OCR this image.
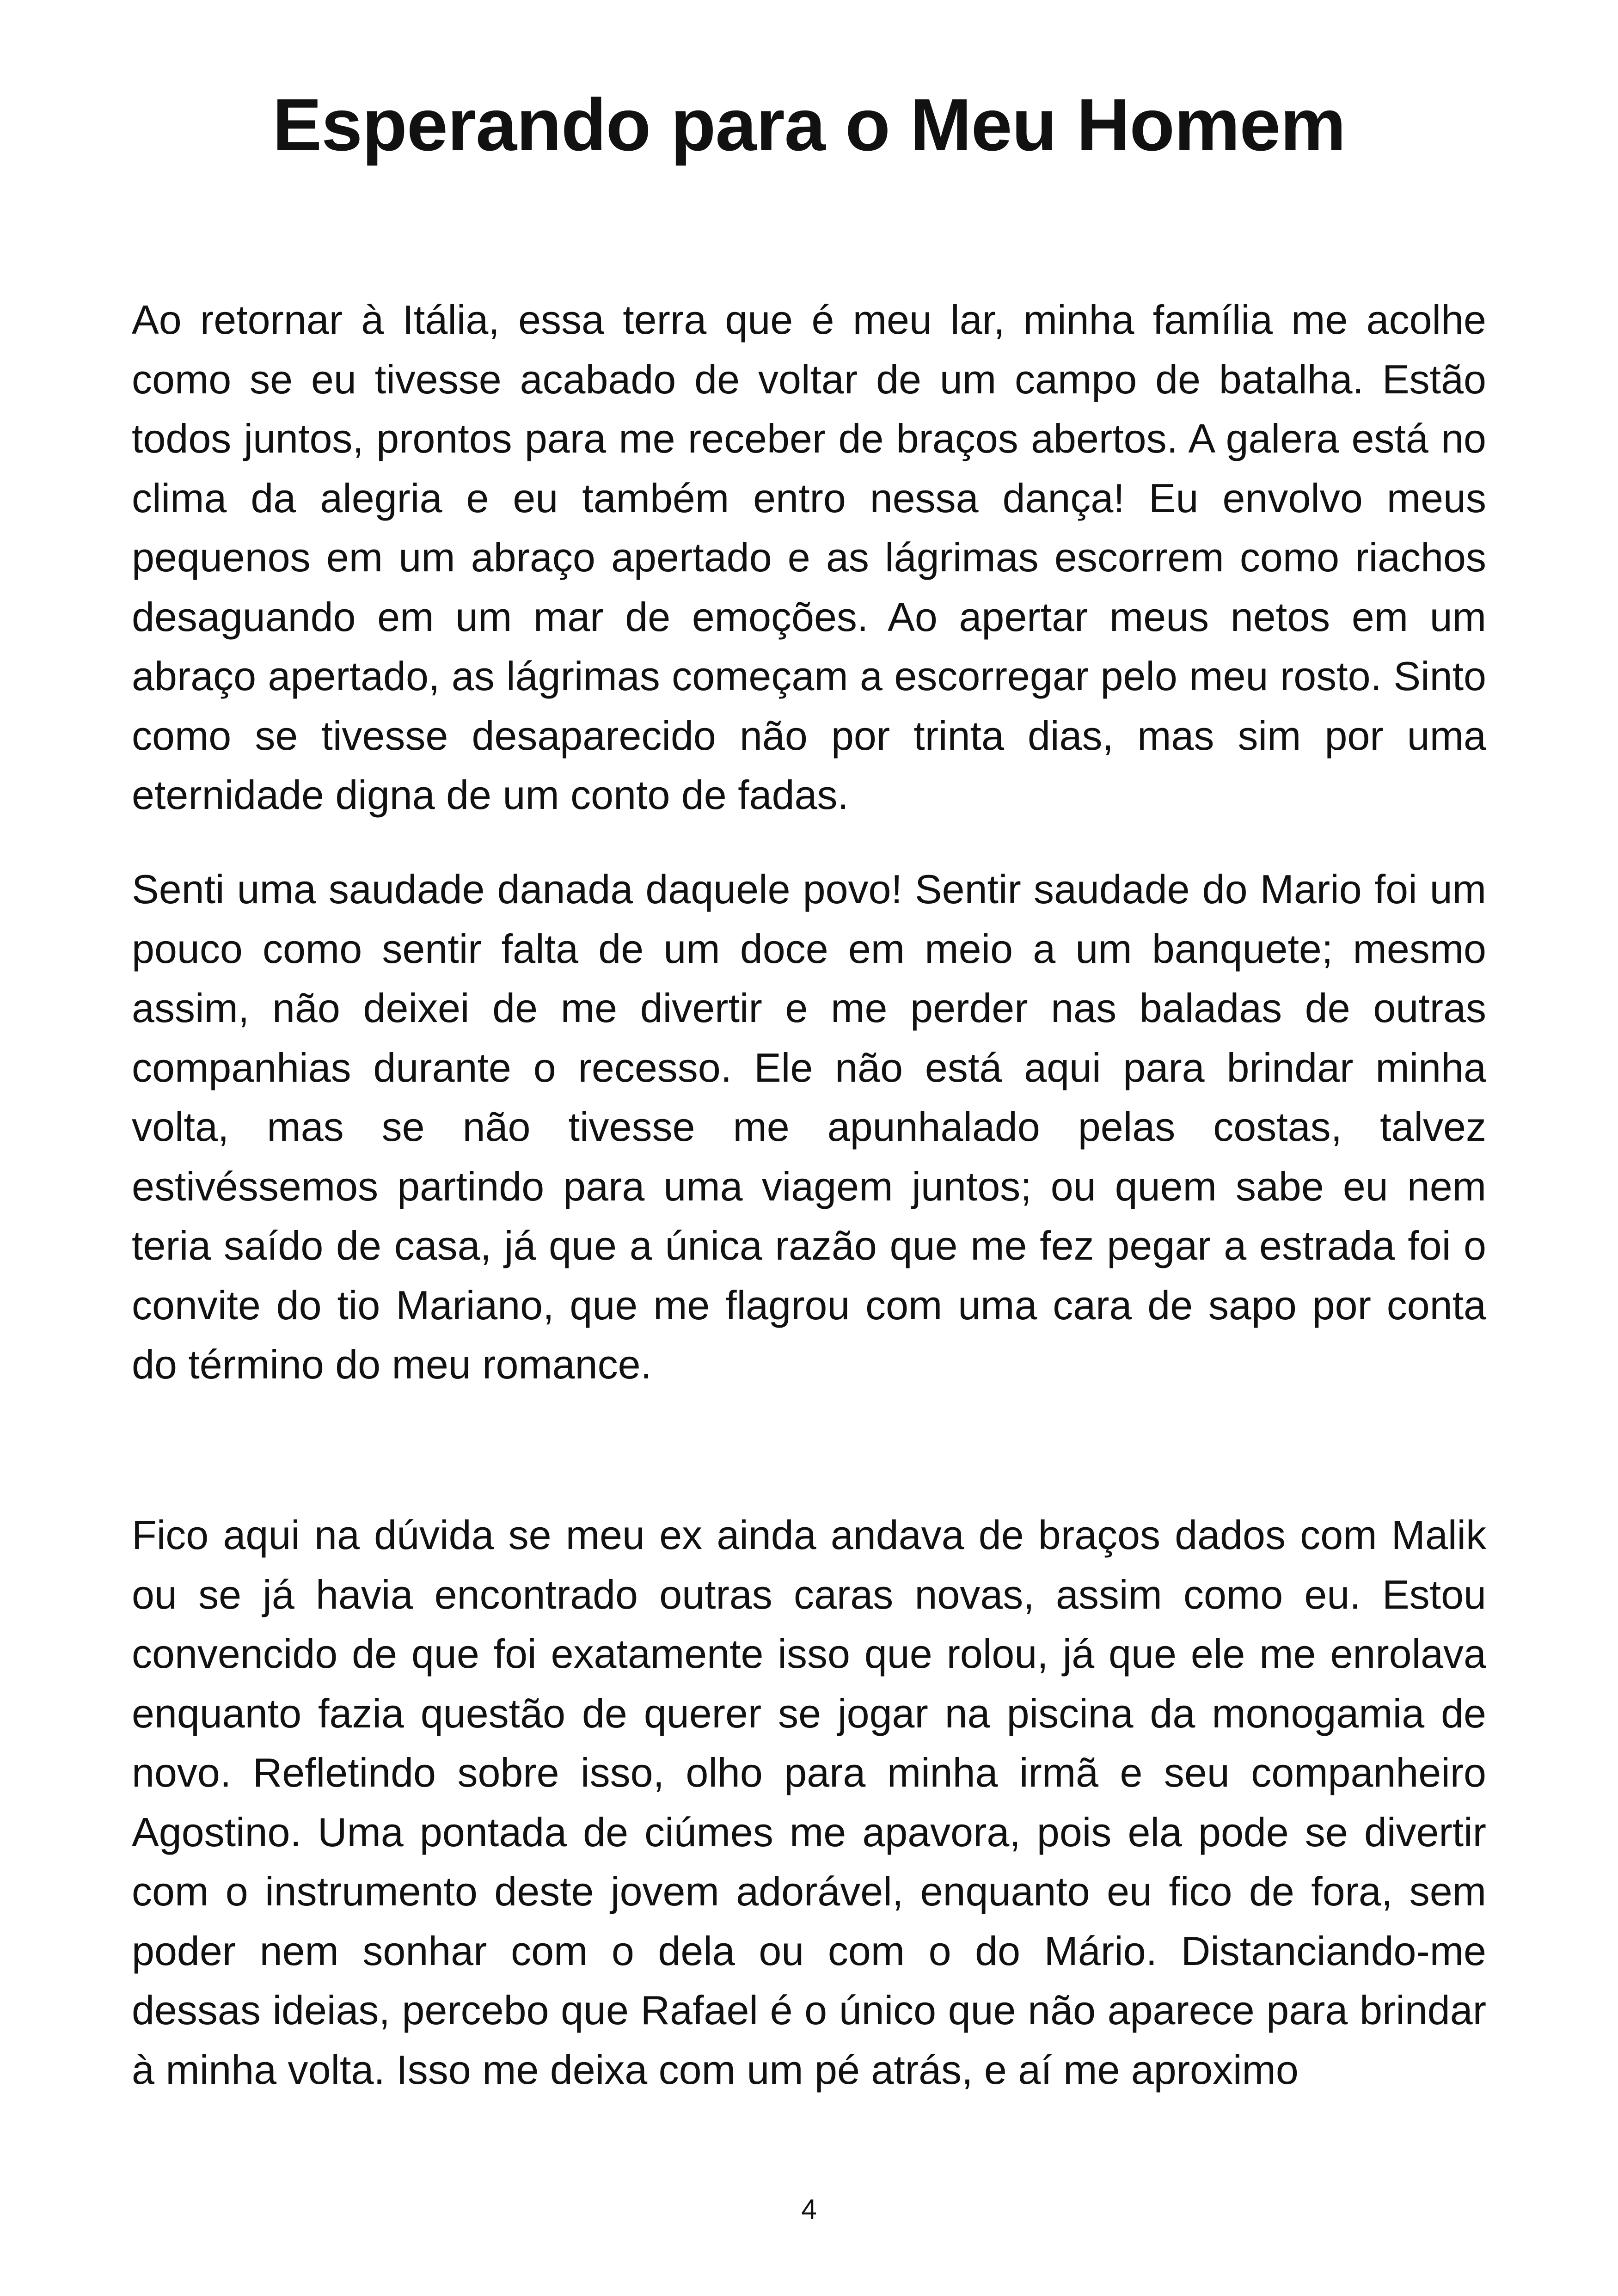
Esperando para o Meu Homem

Ao retornar à Itália, essa terra que é meu lar, minha família me acolhe como se eu tivesse acabado de voltar de um campo de batalha. Estão todos juntos, prontos para me receber de braços abertos. A galera está no clima da alegria e eu também entro nessa dança! Eu envolvo meus pequenos em um abraço apertado e as lágrimas escorrem como riachos desaguando em um mar de emoções. Ao apertar meus netos em um abraço apertado, as lágrimas começam a escorregar pelo meu rosto. Sinto como se tivesse desaparecido não por trinta dias, mas sim por uma eternidade digna de um conto de fadas.

Senti uma saudade danada daquele povo! Sentir saudade do Mario foi um pouco como sentir falta de um doce em meio a um banquete; mesmo assim, não deixei de me divertir e me perder nas baladas de outras companhias durante o recesso. Ele não está aqui para brindar minha volta, mas se não tivesse me apunhalado pelas costas, talvez estivéssemos partindo para uma viagem juntos; ou quem sabe eu nem teria saído de casa, já que a única razão que me fez pegar a estrada foi o convite do tio Mariano, que me flagrou com uma cara de sapo por conta do término do meu romance.

Fico aqui na dúvida se meu ex ainda andava de braços dados com Malik ou se já havia encontrado outras caras novas, assim como eu. Estou convencido de que foi exatamente isso que rolou, já que ele me enrolava enquanto fazia questão de querer se jogar na piscina da monogamia de novo. Refletindo sobre isso, olho para minha irmã e seu companheiro Agostino. Uma pontada de ciúmes me apavora, pois ela pode se divertir com o instrumento deste jovem adorável, enquanto eu fico de fora, sem poder nem sonhar com o dela ou com o do Mário. Distanciando-me dessas ideias, percebo que Rafael é o único que não aparece para brindar à minha volta. Isso me deixa com um pé atrás, e aí me aproximo

4
